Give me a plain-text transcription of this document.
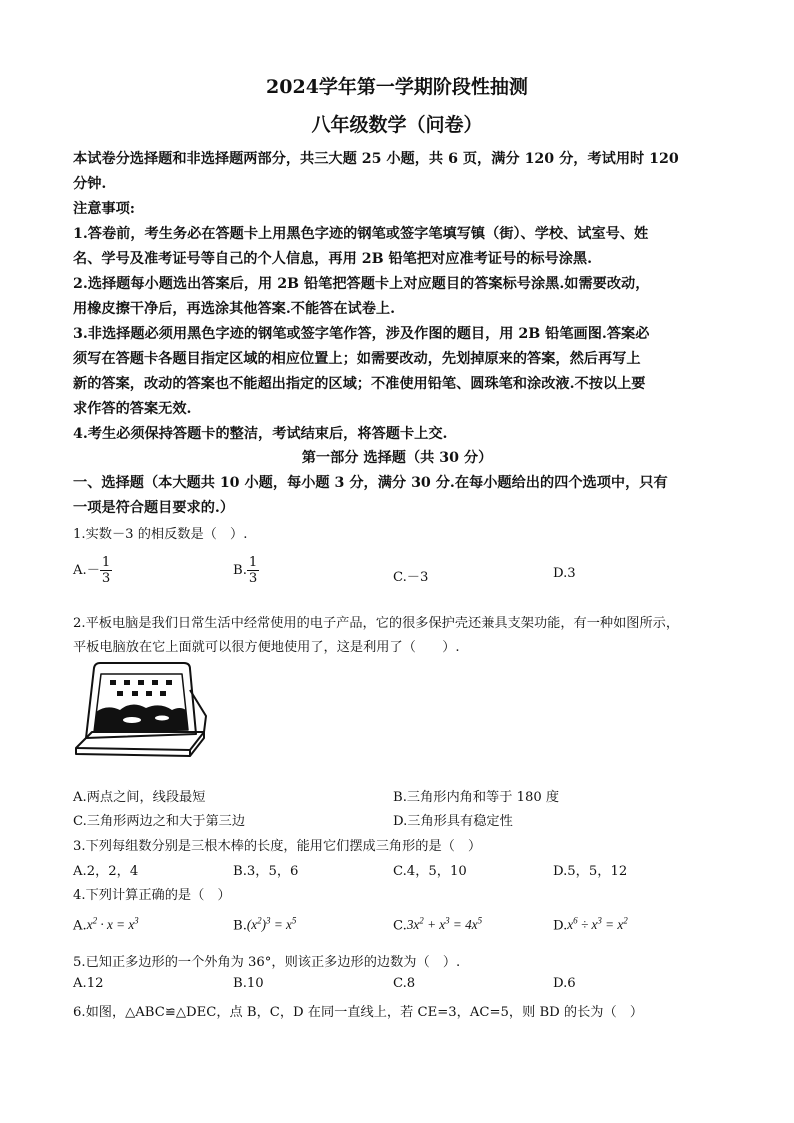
2024学年第一学期阶段性抽测
八年级数学（问卷）
本试卷分选择题和非选择题两部分，共三大题 25 小题，共 6 页，满分 120 分，考试用时 120
分钟.
注意事项:
1.答卷前，考生务必在答题卡上用黑色字迹的钢笔或签字笔填写镇（街）、学校、试室号、姓
名、学号及准考证号等自己的个人信息，再用 2B 铅笔把对应准考证号的标号涂黑.
2.选择题每小题选出答案后，用 2B 铅笔把答题卡上对应题目的答案标号涂黑.如需要改动，
用橡皮擦干净后，再选涂其他答案.不能答在试卷上.
3.非选择题必须用黑色字迹的钢笔或签字笔作答，涉及作图的题目，用 2B 铅笔画图.答案必
须写在答题卡各题目指定区域的相应位置上；如需要改动，先划掉原来的答案，然后再写上
新的答案，改动的答案也不能超出指定的区域；不准使用铅笔、圆珠笔和涂改液.不按以上要
求作答的答案无效.
4.考生必须保持答题卡的整洁，考试结束后，将答题卡上交.
第一部分 选择题（共 30 分）
一、选择题（本大题共 10 小题，每小题 3 分，满分 30 分.在每小题给出的四个选项中，只有
一项是符合题目要求的.）
1.实数－3 的相反数是（　）.
$A.- \frac{1}{3}$	B. $\frac{1}{3}$	C.－3	D.3
2.平板电脑是我们日常生活中经常使用的电子产品，它的很多保护壳还兼具支架功能，有一种如图所示，
平板电脑放在它上面就可以很方便地使用了，这是利用了（　　）.
A.两点之间，线段最短	B.三角形内角和等于 180 度
C.三角形两边之和大于第三边	D.三角形具有稳定性
3.下列每组数分别是三根木棒的长度，能用它们摆成三角形的是（　）
A.2，2，4	B.3，5，6	C.4，5，10	D.5，5，12
4.下列计算正确的是（　）
$A.x^2 \cdot x = x^3$	$B.(x^2)^3 = x^5$	$C.3x^2 + x^3 = 4x^5$	$D.x^6 \div x^3 = x^2$
5.已知正多边形的一个外角为 36°，则该正多边形的边数为（　）.
A.12	B.10	C.8	D.6
6.如图，△ABC≌△DEC，点 B，C，D 在同一直线上，若 CE=3，AC=5，则 BD 的长为（　）
